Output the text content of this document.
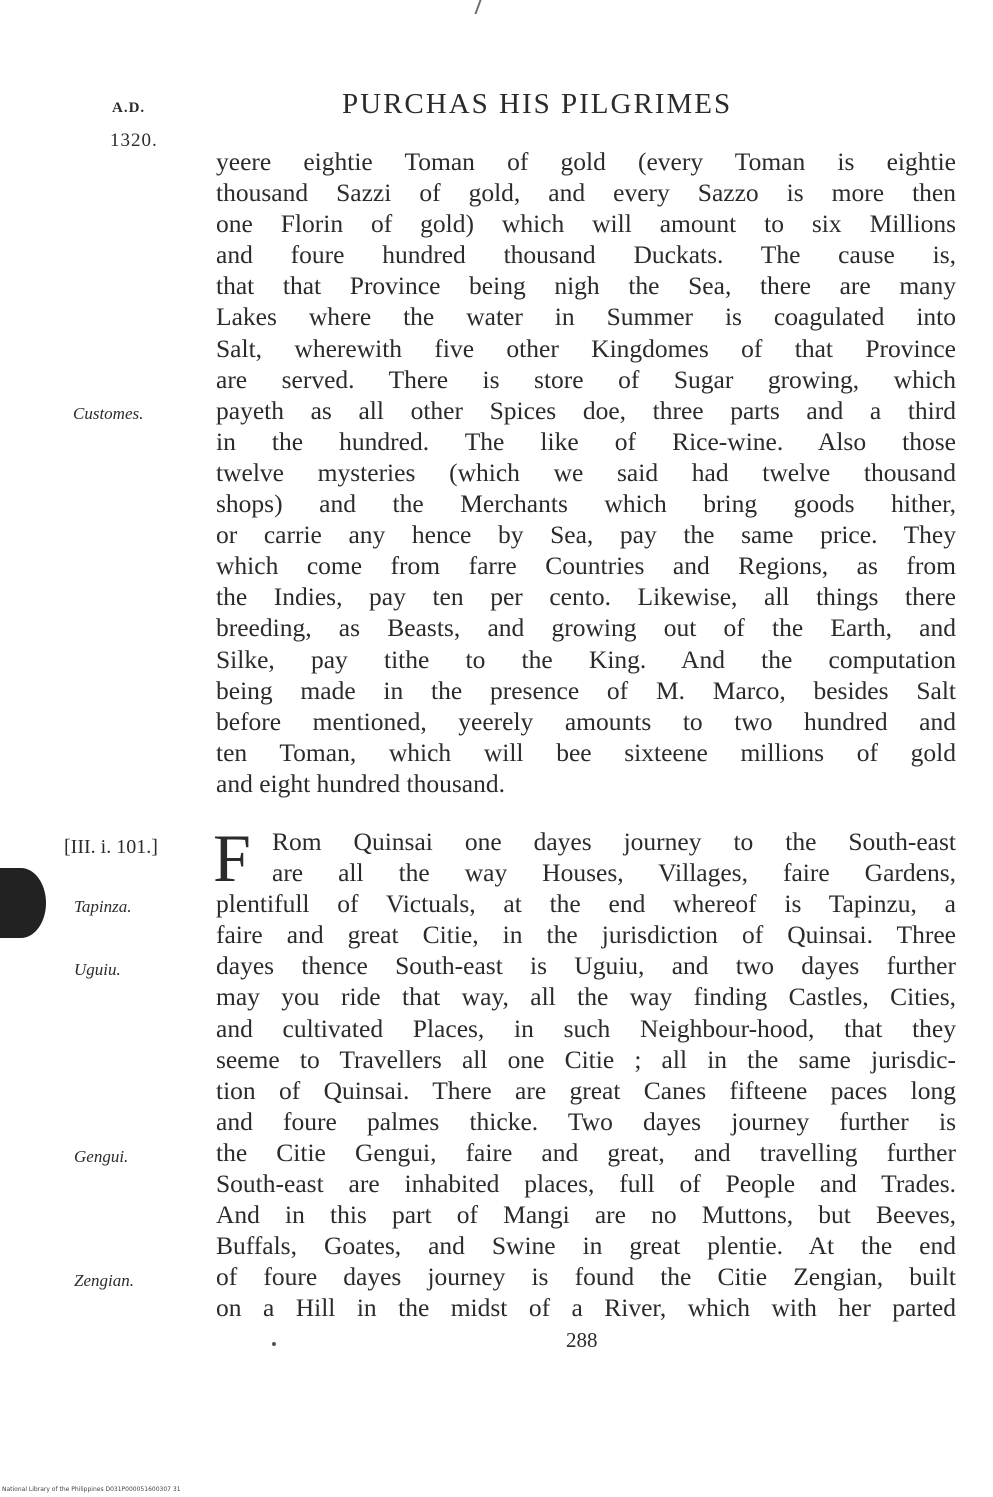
A.D.
1320.
PURCHAS HIS PILGRIMES
yeere eightie Toman of gold (every Toman is eightie
thousand Sazzi of gold, and every Sazzo is more then
one Florin of gold) which will amount to six Millions
and foure hundred thousand Duckats. The cause is,
that that Province being nigh the Sea, there are many
Lakes where the water in Summer is coagulated into
Salt, wherewith five other Kingdomes of that Province
are served. There is store of Sugar growing, which
payeth as all other Spices doe, three parts and a third
in the hundred. The like of Rice-wine. Also those
twelve mysteries (which we said had twelve thousand
shops) and the Merchants which bring goods hither,
or carrie any hence by Sea, pay the same price. They
which come from farre Countries and Regions, as from
the Indies, pay ten per cento. Likewise, all things there
breeding, as Beasts, and growing out of the Earth, and
Silke, pay tithe to the King. And the computation
being made in the presence of M. Marco, besides Salt
before mentioned, yeerely amounts to two hundred and
ten Toman, which will bee sixteene millions of gold
and eight hundred thousand.
F Rom Quinsai one dayes journey to the South-east
are all the way Houses, Villages, faire Gardens,
plentifull of Victuals, at the end whereof is Tapinzu, a
faire and great Citie, in the jurisdiction of Quinsai. Three
dayes thence South-east is Uguiu, and two dayes further
may you ride that way, all the way finding Castles, Cities,
and cultivated Places, in such Neighbour-hood, that they
seeme to Travellers all one Citie ; all in the same jurisdic-
tion of Quinsai. There are great Canes fifteene paces long
and foure palmes thicke. Two dayes journey further is
the Citie Gengui, faire and great, and travelling further
South-east are inhabited places, full of People and Trades.
And in this part of Mangi are no Muttons, but Beeves,
Buffals, Goates, and Swine in great plentie. At the end
of foure dayes journey is found the Citie Zengian, built
on a Hill in the midst of a River, which with her parted
Customes.
[III. i. 101.]
Tapinza.
Uguiu.
Gengui.
Zengian.
288
National Library of the Philippines D031P000051600307 31
